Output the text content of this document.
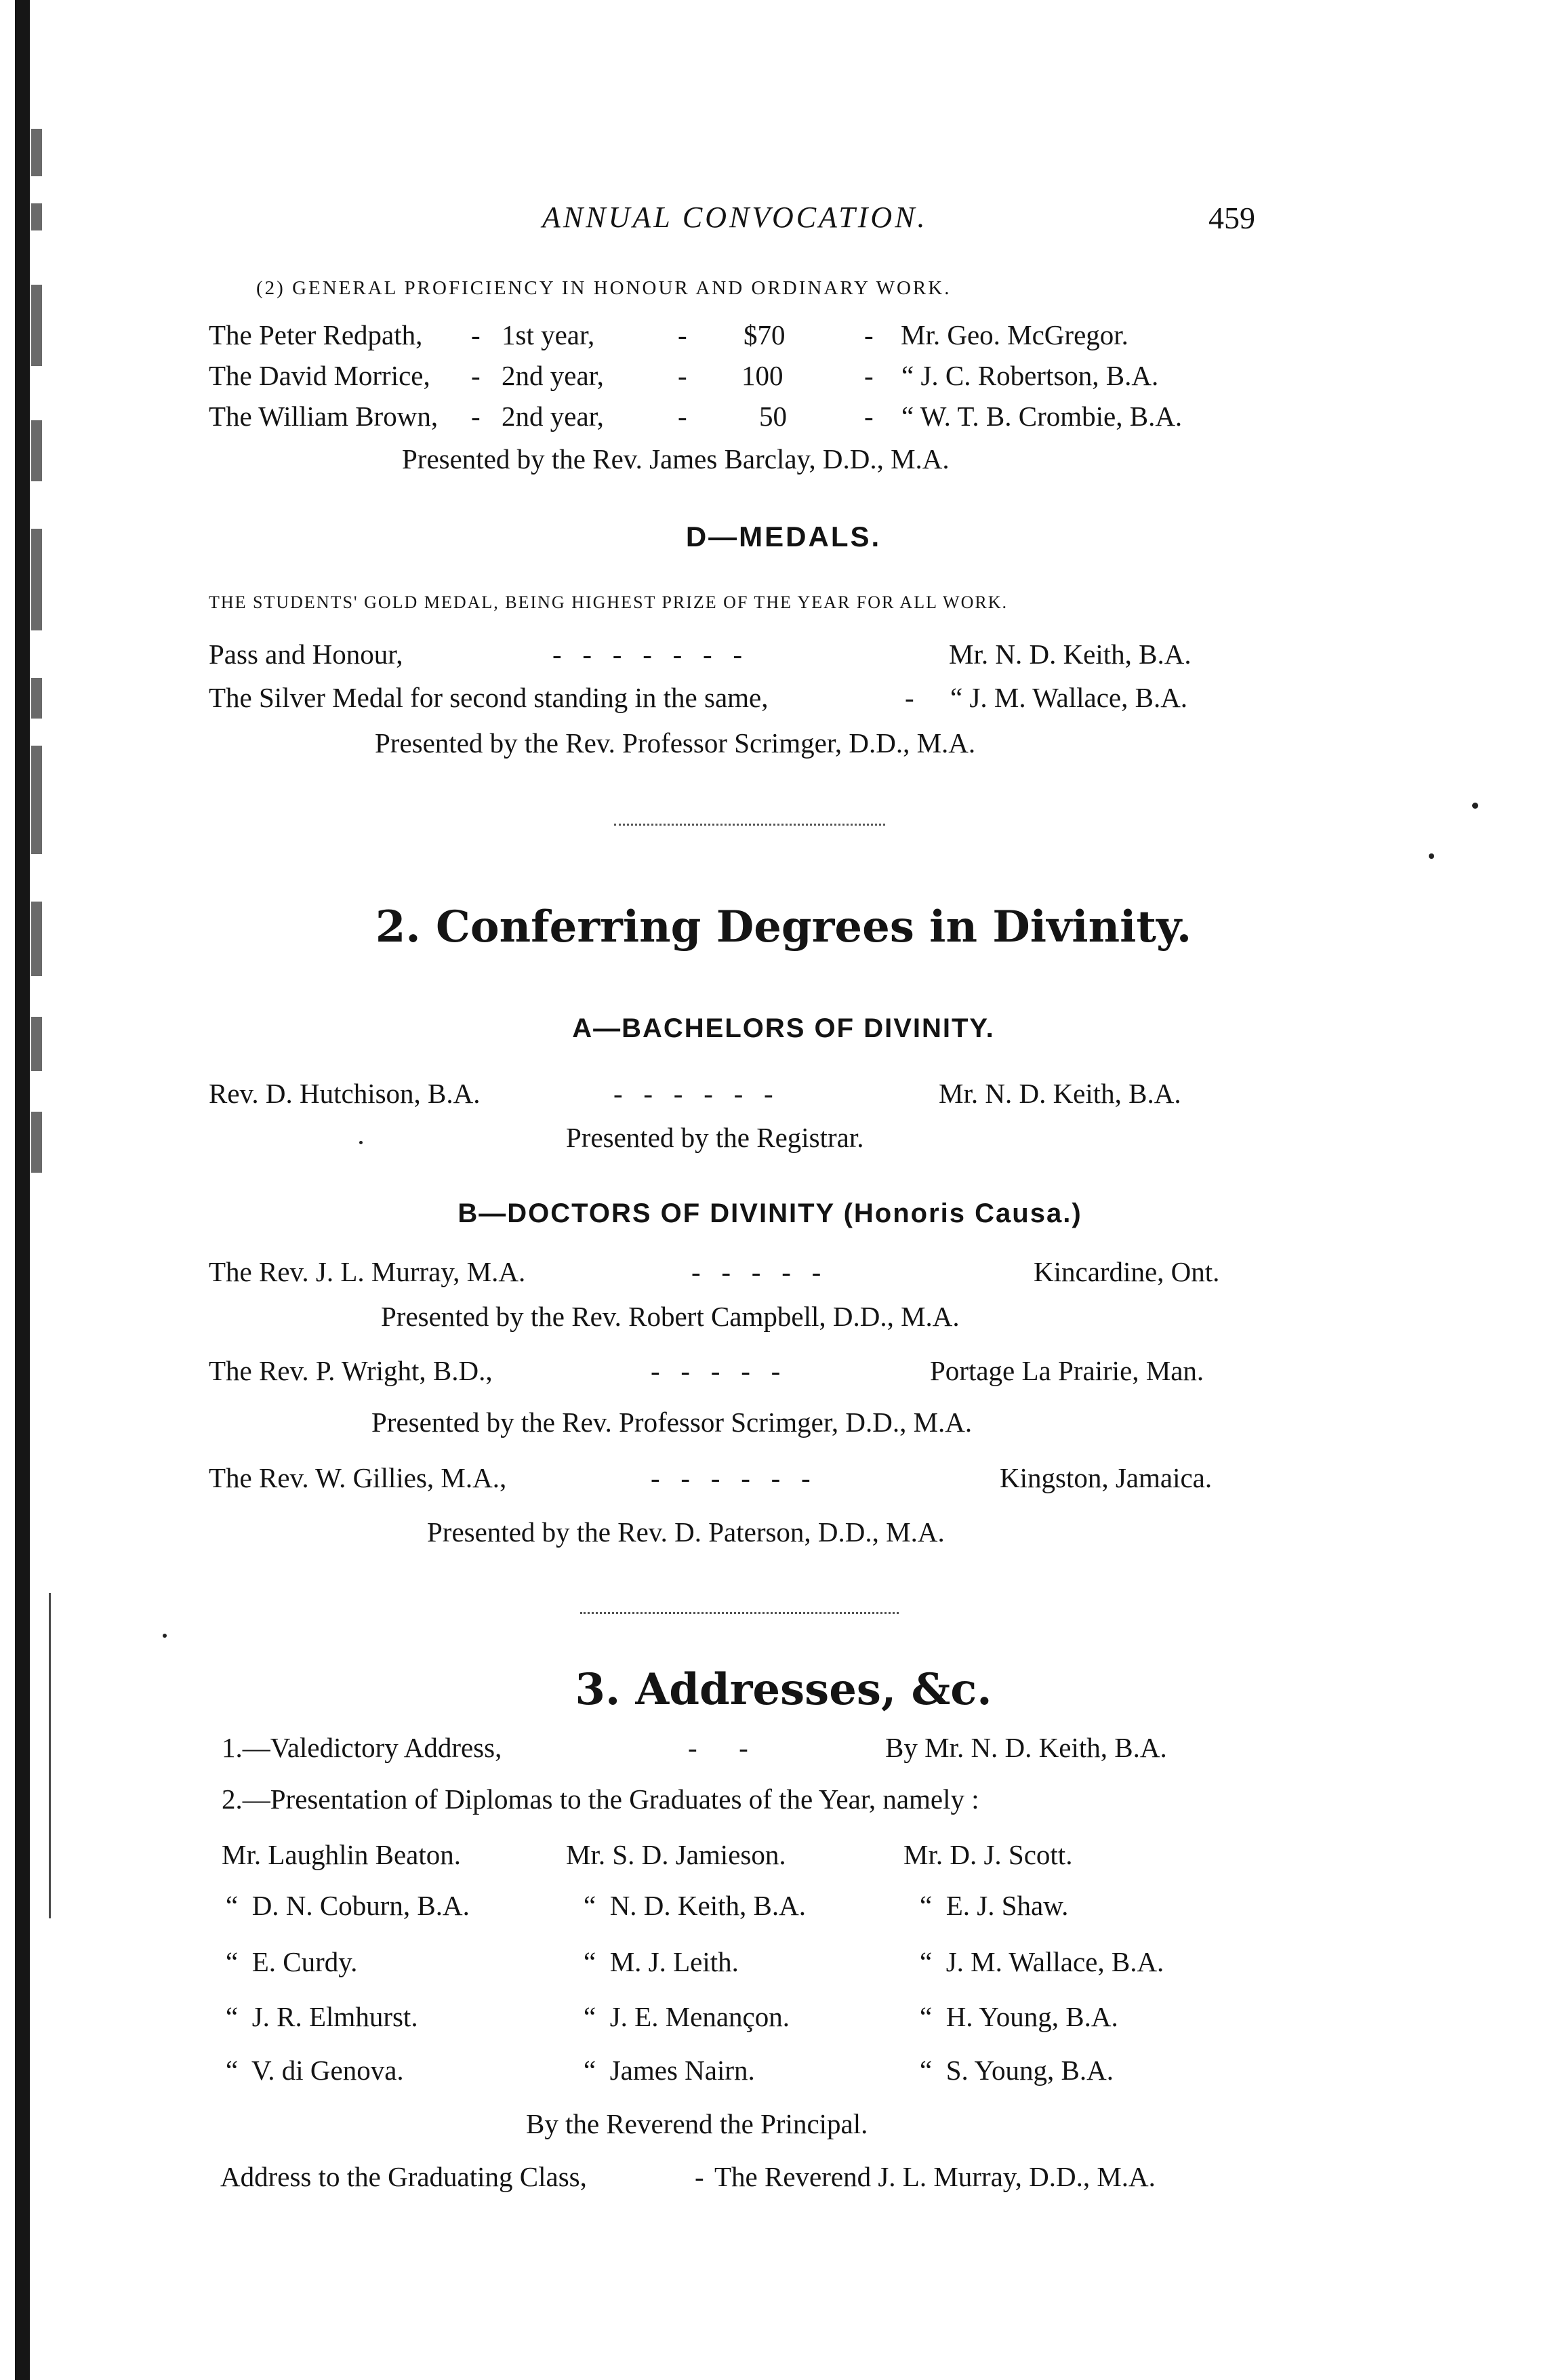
ANNUAL CONVOCATION.	459
(2) GENERAL PROFICIENCY IN HONOUR AND ORDINARY WORK.
The Peter Redpath, - 1st year,	- $70	- Mr. Geo. McGregor.
The David Morrice, - 2nd year,	- 100	- “ J. C. Robertson, B.A.
The William Brown, - 2nd year,	-	50	- “ W. T. B. Crombie, B.A.
Presented by the Rev. James Barclay, D.D., M.A.
D—MEDALS.
THE STUDENTS' GOLD MEDAL, BEING HIGHEST PRIZE OF THE YEAR FOR ALL WORK.
Pass and Honour,	-   -   -   -   -   -   -	Mr. N. D. Keith, B.A.
The Silver Medal for second standing in the same,	- “ J. M. Wallace, B.A.
Presented by the Rev. Professor Scrimger, D.D., M.A.
2. Conferring Degrees in Divinity.
A—BACHELORS OF DIVINITY.
Rev. D. Hutchison, B.A.	-   -   -   -   -   -	Mr. N. D. Keith, B.A.
Presented by the Registrar.
B—DOCTORS OF DIVINITY (Honoris Causa.)
The Rev. J. L. Murray, M.A.	-   -   -   -   -	Kincardine, Ont.
Presented by the Rev. Robert Campbell, D.D., M.A.
The Rev. P. Wright, B.D.,	-   -   -   -   -	Portage La Prairie, Man.
Presented by the Rev. Professor Scrimger, D.D., M.A.
The Rev. W. Gillies, M.A.,	-   -   -   -   -   -	Kingston, Jamaica.
Presented by the Rev. D. Paterson, D.D., M.A.
3. Addresses, &c.
1.—Valedictory Address,	-      -	By Mr. N. D. Keith, B.A.
2.—Presentation of Diplomas to the Graduates of the Year, namely :
Mr. Laughlin Beaton.	Mr. S. D. Jamieson.	Mr. D. J. Scott.
“  D. N. Coburn, B.A.	“  N. D. Keith, B.A.	“  E. J. Shaw.
“  E. Curdy.	“  M. J. Leith.	“  J. M. Wallace, B.A.
“  J. R. Elmhurst.	“  J. E. Menançon.	“  H. Young, B.A.
“  V. di Genova.	“  James Nairn.	“  S. Young, B.A.
By the Reverend the Principal.
Address to the Graduating Class,	- The Reverend J. L. Murray, D.D., M.A.
